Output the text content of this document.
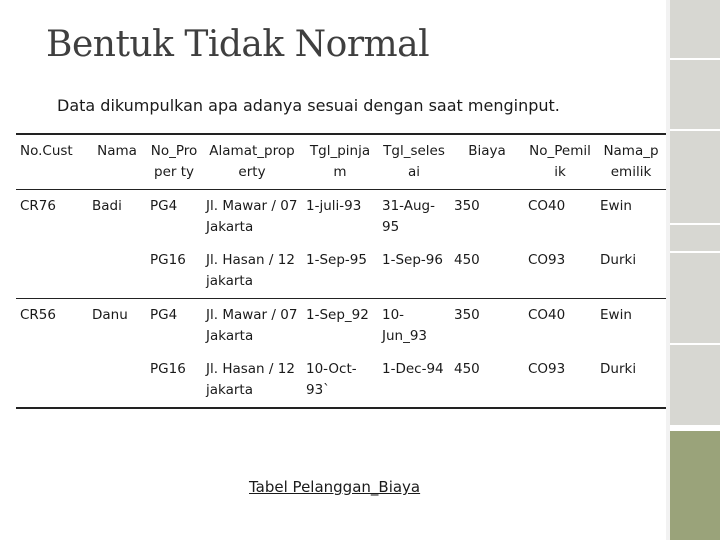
Bentuk Tidak Normal
Data dikumpulkan apa adanya sesuai dengan saat menginput.
No.Cust	Nama	No_Proper ty	Alamat_property	Tgl_pinjam	Tgl_selesai	Biaya	No_Pemilik	Nama_pemilik
CR76	Badi	PG4	Jl. Mawar / 07 Jakarta	1-juli-93	31-Aug-95	350	CO40	Ewin
		PG16	Jl. Hasan / 12 jakarta	1-Sep-95	1-Sep-96	450	CO93	Durki
CR56	Danu	PG4	Jl. Mawar / 07 Jakarta	1-Sep_92	10-Jun_93	350	CO40	Ewin
		PG16	Jl. Hasan / 12 jakarta	10-Oct-93`	1-Dec-94	450	CO93	Durki
Tabel Pelanggan_Biaya
